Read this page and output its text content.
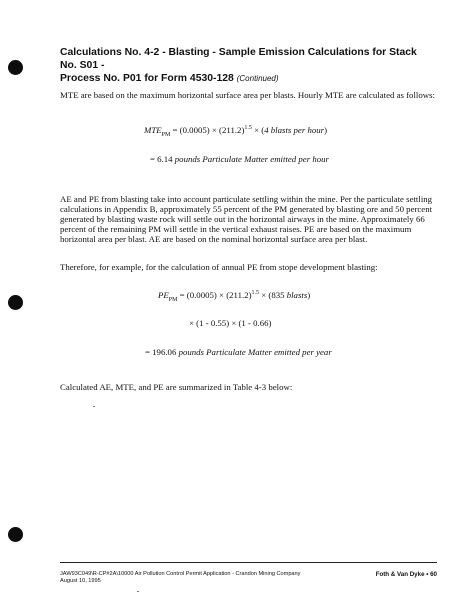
Calculations No. 4-2 - Blasting - Sample Emission Calculations for Stack No. S01 -
Process No. P01 for Form 4530-128 (Continued)

MTE are based on the maximum horizontal surface area per blasts. Hourly MTE are calculated as follows:

$MTE_{PM} = (0.0005) \times (211.2)^{1.5} \times (4$ blasts per hour)
= 6.14 pounds Particulate Matter emitted per hour

AE and PE from blasting take into account particulate settling within the mine. Per the particulate settling calculations in Appendix B, approximately 55 percent of the PM generated by blasting ore and 50 percent generated by blasting waste rock will settle out in the horizontal airways in the mine. Approximately 66 percent of the remaining PM will settle in the vertical exhaust raises. PE are based on the maximum horizontal area per blast. AE are based on the nominal horizontal surface area per blast.

Therefore, for example, for the calculation of annual PE from stope development blasting:

$PE_{PM} = (0.0005) \times (211.2)^{1.5} \times (835$ blasts)
× (1 - 0.55) × (1 - 0.66)
= 196.06 pounds Particulate Matter emitted per year

Calculated AE, MTE, and PE are summarized in Table 4-3 below:

JAW93C049\R-CP#2A\10000 Air Pollution Control Permit Application - Crandon Mining Company
August 10, 1995
Foth & Van Dyke • 60
